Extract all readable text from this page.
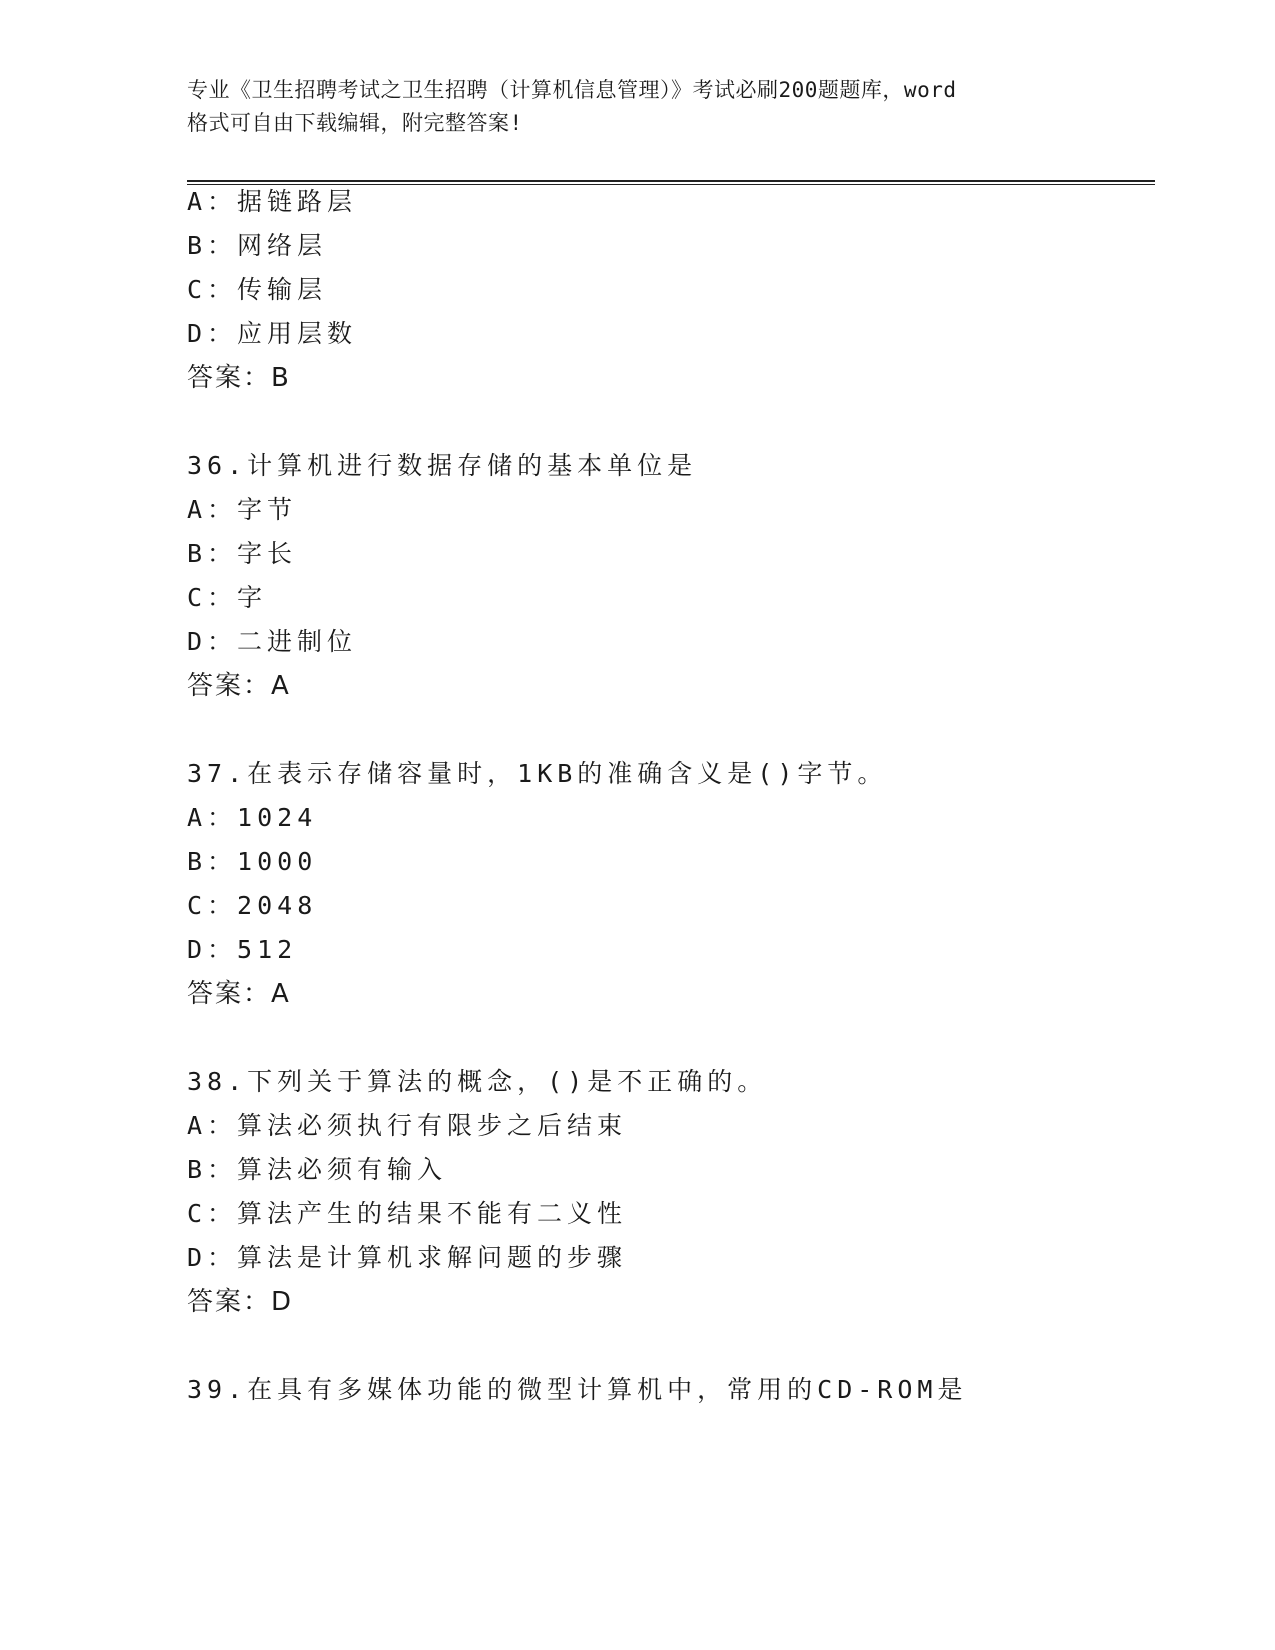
专业《卫生招聘考试之卫生招聘（计算机信息管理）》考试必刷200题题库，word
格式可自由下载编辑，附完整答案!
A：据链路层
B：网络层
C：传输层
D：应用层数
答案：B
36.计算机进行数据存储的基本单位是
A：字节
B：字长
C：字
D：二进制位
答案：A
37.在表示存储容量时，1KB的准确含义是()字节。
A：1024
B：1000
C：2048
D：512
答案：A
38.下列关于算法的概念，()是不正确的。
A：算法必须执行有限步之后结束
B：算法必须有输入
C：算法产生的结果不能有二义性
D：算法是计算机求解问题的步骤
答案：D
39.在具有多媒体功能的微型计算机中，常用的CD-ROM是
